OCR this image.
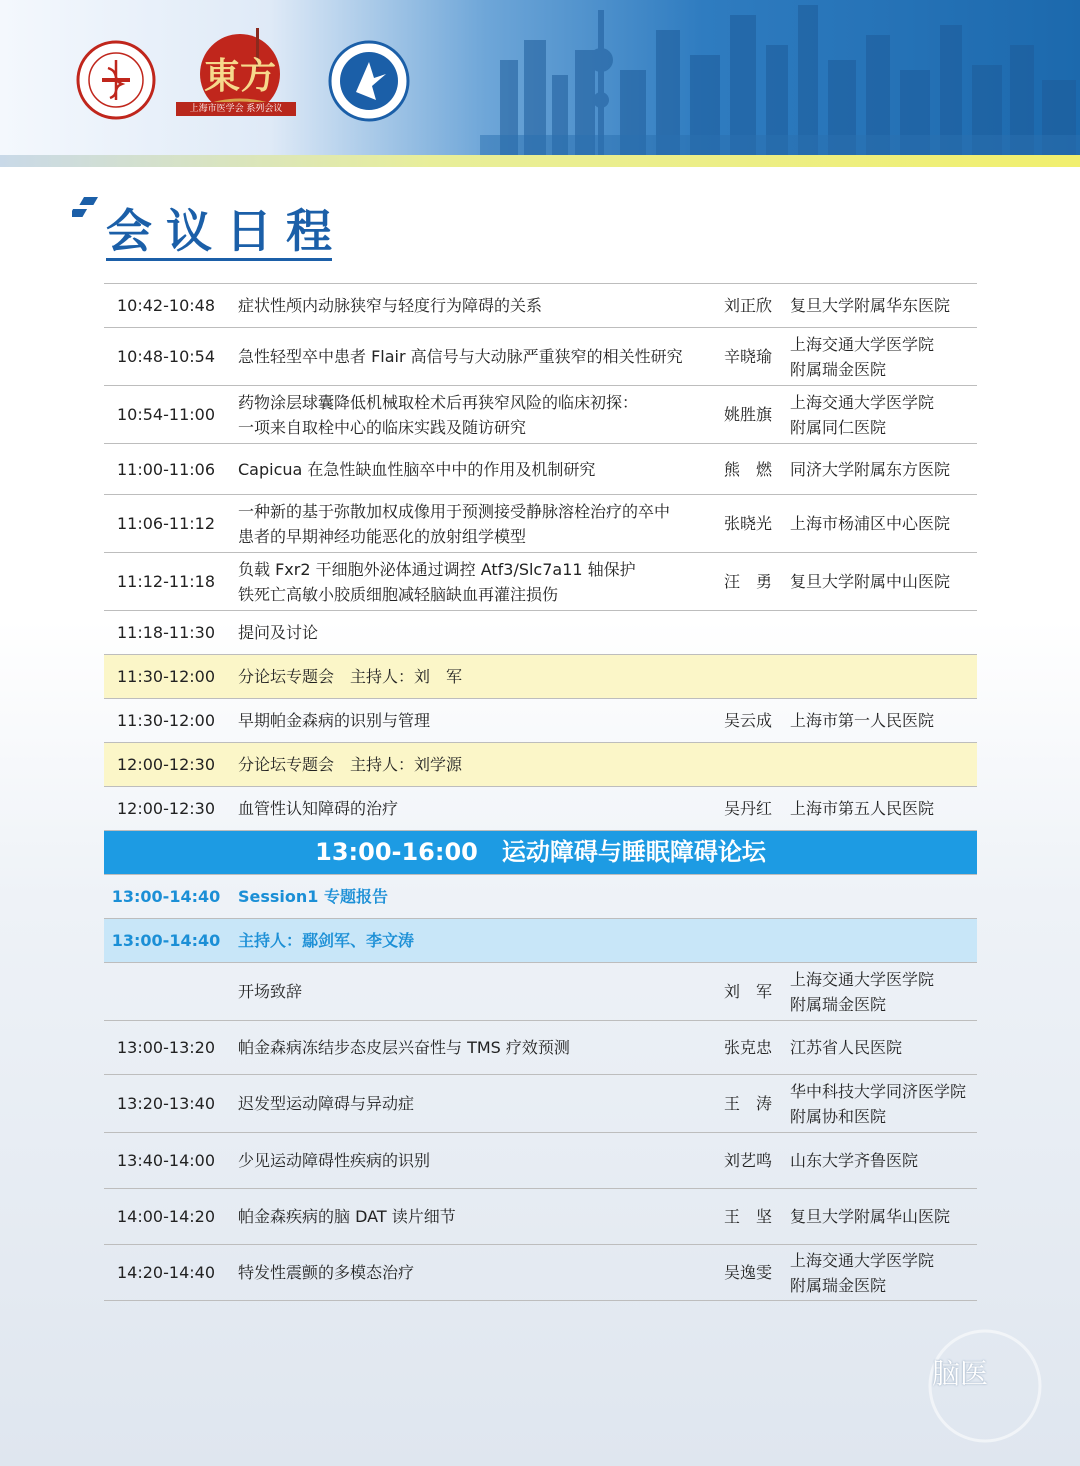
東方
上海市医学会 系列会议
会议日程
10:42-10:48	症状性颅内动脉狭窄与轻度行为障碍的关系	刘正欣	复旦大学附属华东医院
10:48-10:54	急性轻型卒中患者 Flair 高信号与大动脉严重狭窄的相关性研究	辛晓瑜	上海交通大学医学院
附属瑞金医院
10:54-11:00	药物涂层球囊降低机械取栓术后再狭窄风险的临床初探：
一项来自取栓中心的临床实践及随访研究	姚胜旗	上海交通大学医学院
附属同仁医院
11:00-11:06	Capicua 在急性缺血性脑卒中中的作用及机制研究	熊　燃	同济大学附属东方医院
11:06-11:12	一种新的基于弥散加权成像用于预测接受静脉溶栓治疗的卒中
患者的早期神经功能恶化的放射组学模型	张晓光	上海市杨浦区中心医院
11:12-11:18	负载 Fxr2 干细胞外泌体通过调控 Atf3/Slc7a11 轴保护
铁死亡高敏小胶质细胞减轻脑缺血再灌注损伤	汪　勇	复旦大学附属中山医院
11:18-11:30	提问及讨论		
11:30-12:00	分论坛专题会　主持人：刘　军		
11:30-12:00	早期帕金森病的识别与管理	吴云成	上海市第一人民医院
12:00-12:30	分论坛专题会　主持人：刘学源		
12:00-12:30	血管性认知障碍的治疗	吴丹红	上海市第五人民医院
13:00-16:00　运动障碍与睡眠障碍论坛			
13:00-14:40	Session1 专题报告		
13:00-14:40	主持人：鄢剑军、李文涛		
	开场致辞	刘　军	上海交通大学医学院
附属瑞金医院
13:00-13:20	帕金森病冻结步态皮层兴奋性与 TMS 疗效预测	张克忠	江苏省人民医院
13:20-13:40	迟发型运动障碍与异动症	王　涛	华中科技大学同济医学院
附属协和医院
13:40-14:00	少见运动障碍性疾病的识别	刘艺鸣	山东大学齐鲁医院
14:00-14:20	帕金森疾病的脑 DAT 读片细节	王　坚	复旦大学附属华山医院
14:20-14:40	特发性震颤的多模态治疗	吴逸雯	上海交通大学医学院
附属瑞金医院
脑医
